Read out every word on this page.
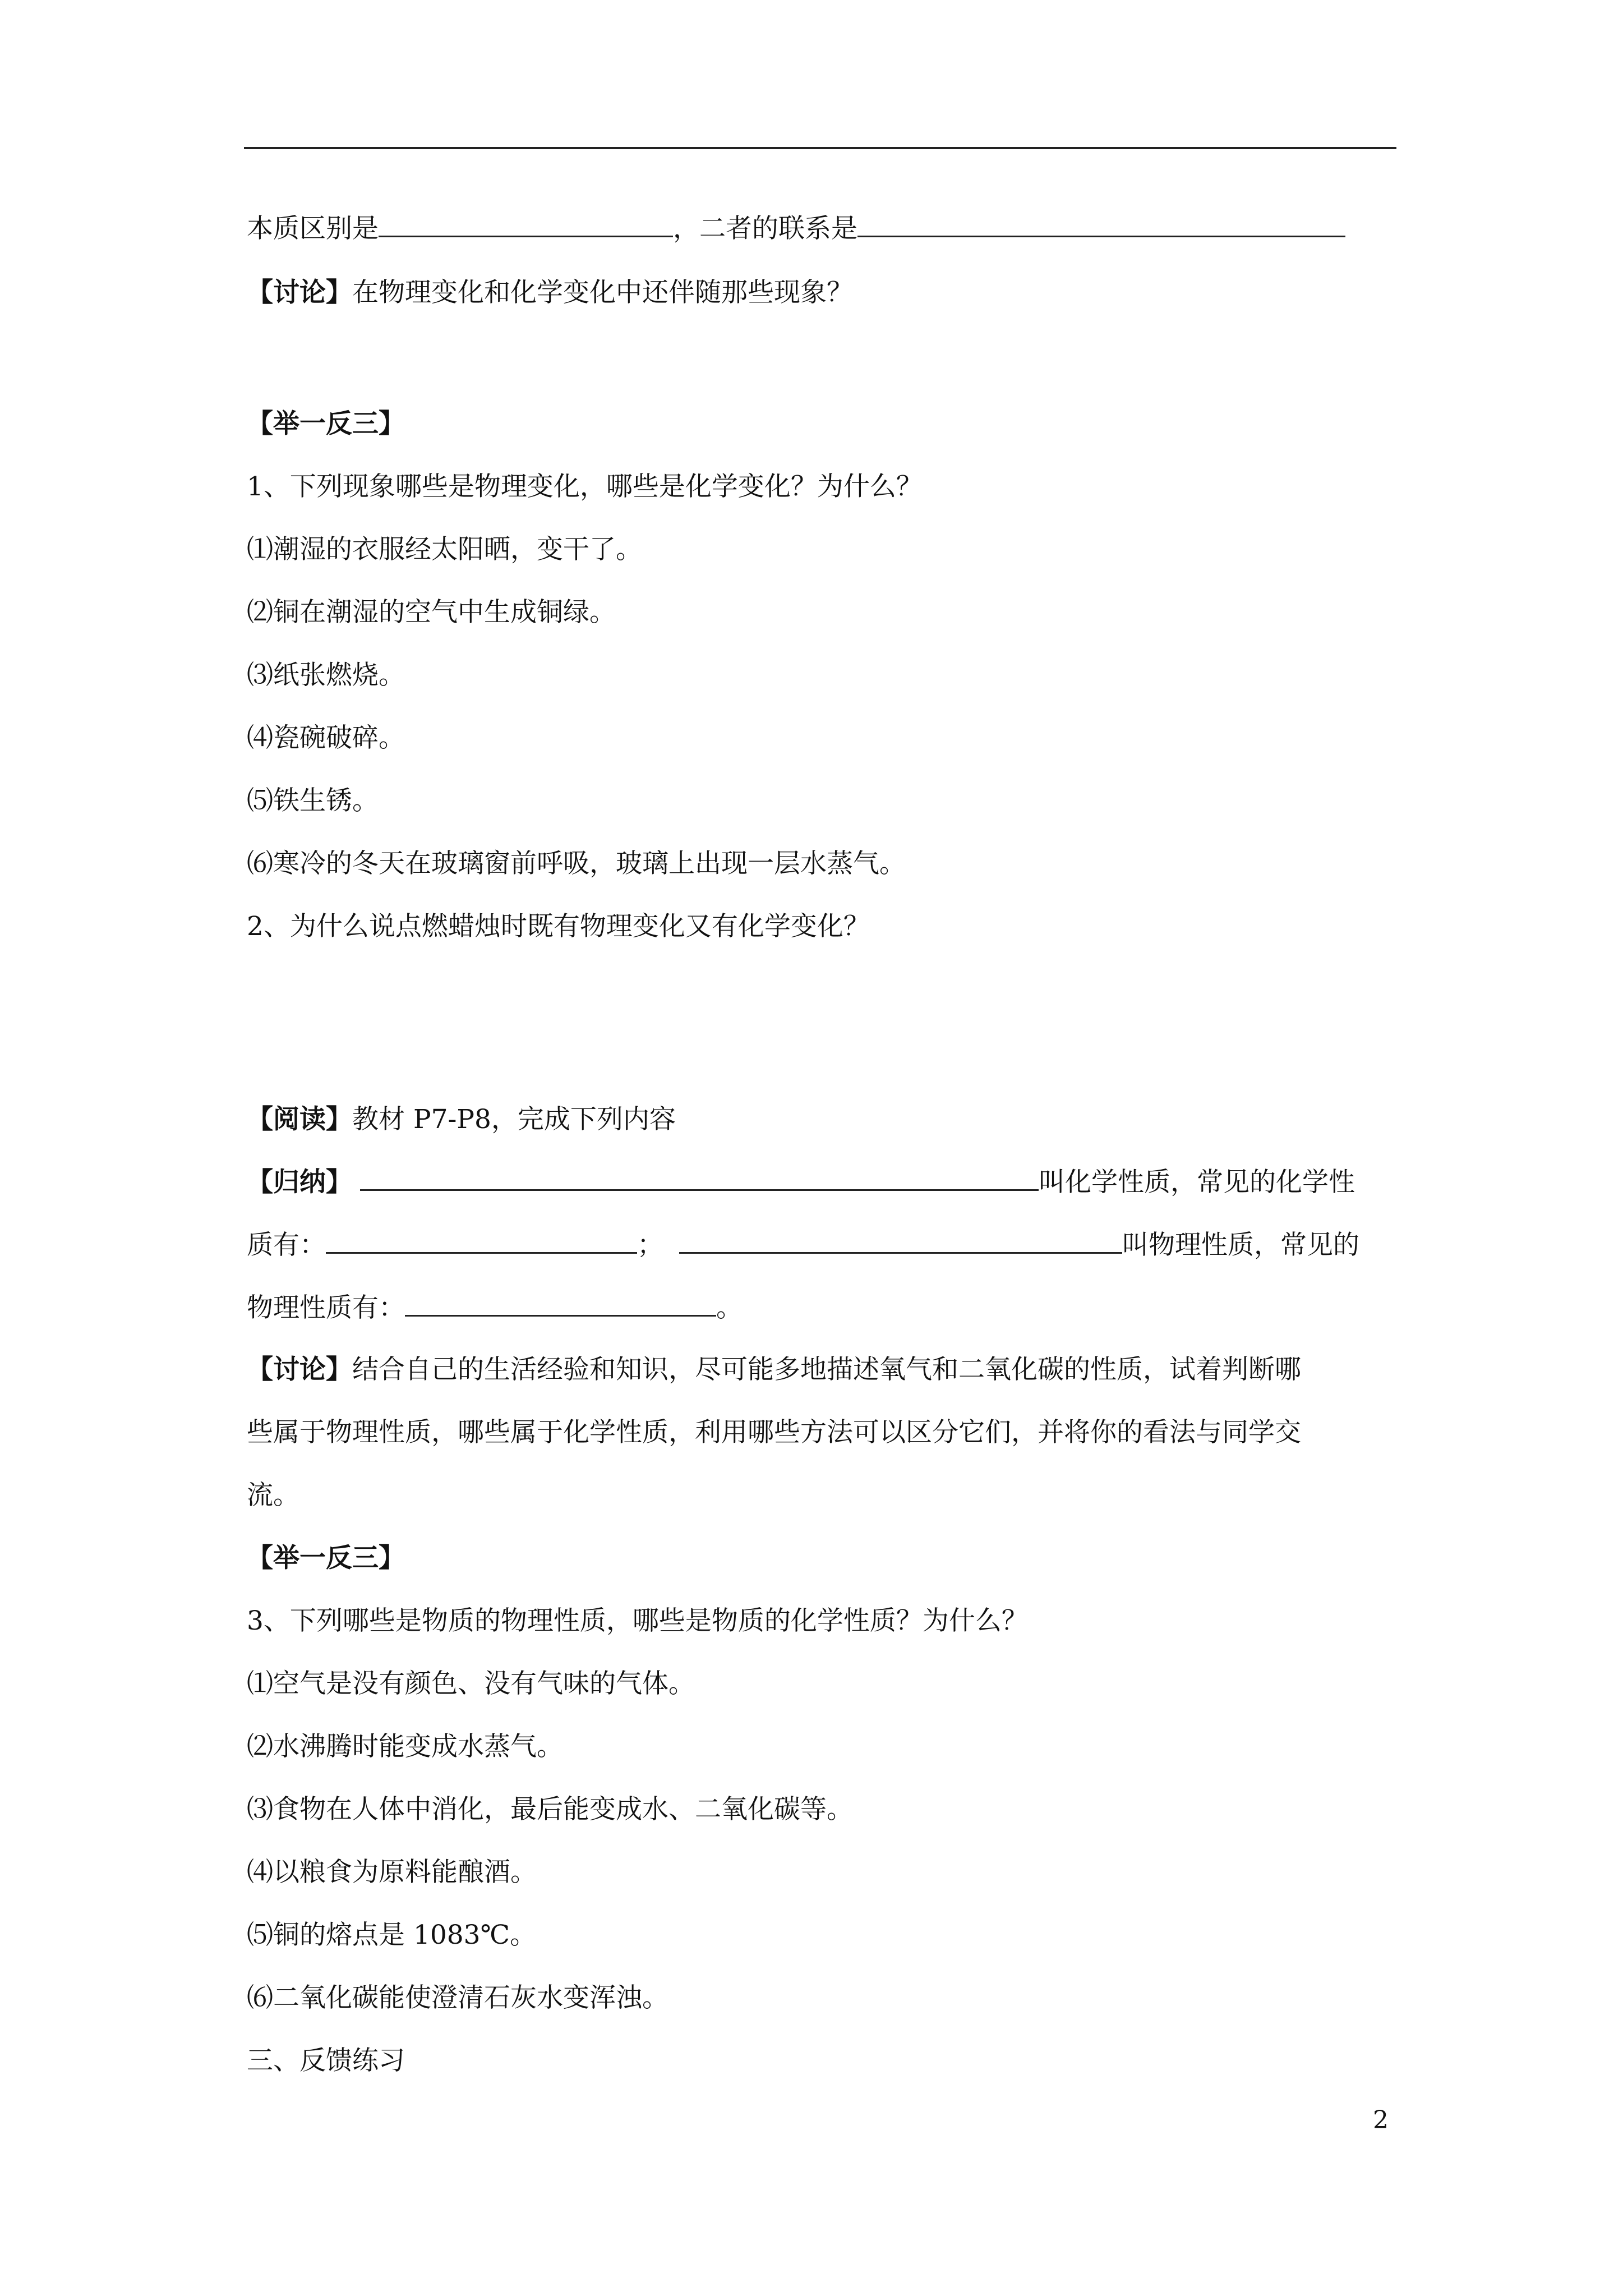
本质区别是	，二者的联系是
【讨论】在物理变化和化学变化中还伴随那些现象？
【举一反三】
1、下列现象哪些是物理变化，哪些是化学变化？为什么？
⑴潮湿的衣服经太阳晒，变干了。
⑵铜在潮湿的空气中生成铜绿。
⑶纸张燃烧。
⑷瓷碗破碎。
⑸铁生锈。
⑹寒冷的冬天在玻璃窗前呼吸，玻璃上出现一层水蒸气。
2、为什么说点燃蜡烛时既有物理变化又有化学变化？
【阅读】教材 P7-P8，完成下列内容
【归纳】	叫化学性质，常见的化学性
质有：	；	叫物理性质，常见的
物理性质有：	。
【讨论】结合自己的生活经验和知识，尽可能多地描述氧气和二氧化碳的性质，试着判断哪
些属于物理性质，哪些属于化学性质，利用哪些方法可以区分它们，并将你的看法与同学交
流。
【举一反三】
3、下列哪些是物质的物理性质，哪些是物质的化学性质？为什么？
⑴空气是没有颜色、没有气味的气体。
⑵水沸腾时能变成水蒸气。
⑶食物在人体中消化，最后能变成水、二氧化碳等。
⑷以粮食为原料能酿酒。
⑸铜的熔点是 1083℃。
⑹二氧化碳能使澄清石灰水变浑浊。
三、反馈练习
2
